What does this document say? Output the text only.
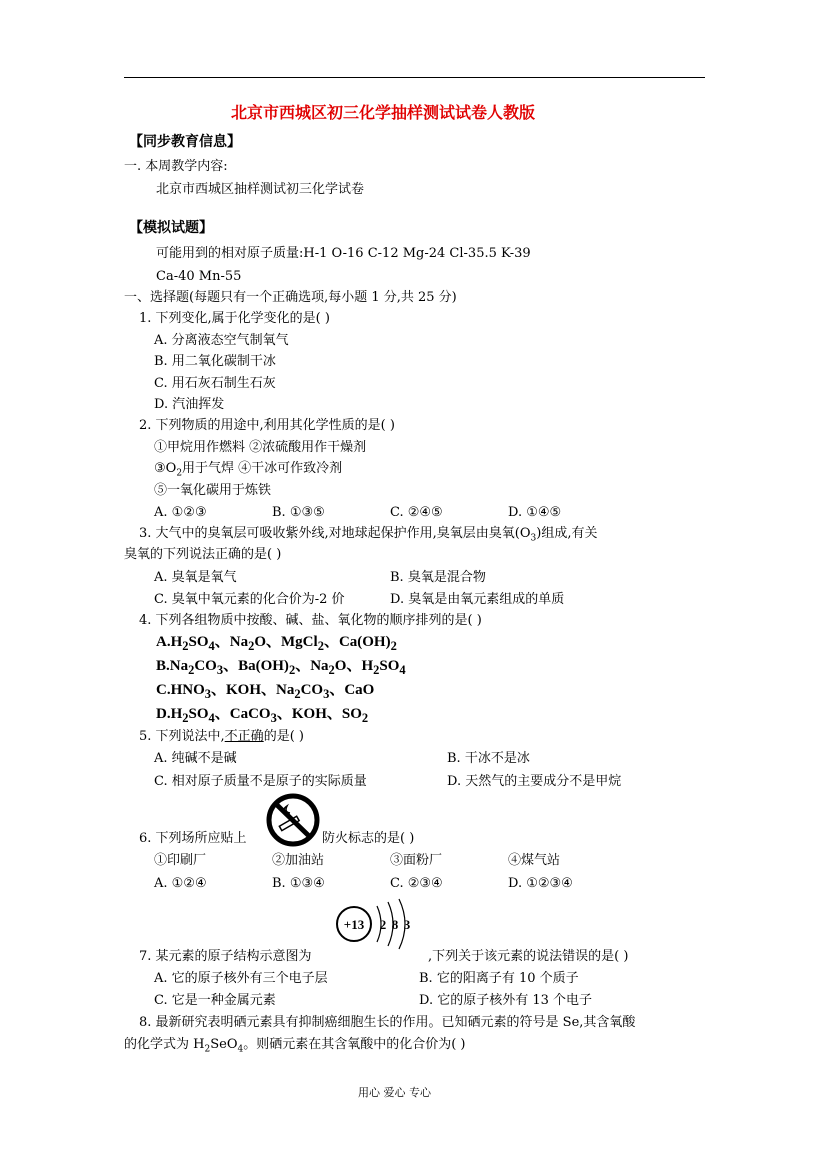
北京市西城区初三化学抽样测试试卷人教版
【同步教育信息】
一. 本周教学内容:
北京市西城区抽样测试初三化学试卷
【模拟试题】
可能用到的相对原子质量:H-1 O-16 C-12 Mg-24 Cl-35.5 K-39
Ca-40 Mn-55
一、选择题(每题只有一个正确选项,每小题 1 分,共 25 分)
1. 下列变化,属于化学变化的是( )
A. 分离液态空气制氧气
B. 用二氧化碳制干冰
C. 用石灰石制生石灰
D. 汽油挥发
2. 下列物质的用途中,利用其化学性质的是( )
①甲烷用作燃料 ②浓硫酸用作干燥剂
$③O_2$用于气焊 ④干冰可作致冷剂
⑤一氧化碳用于炼铁
A. ①②③	B. ①③⑤	C. ②④⑤	D. ①④⑤
3. 大气中的臭氧层可吸收紫外线,对地球起保护作用,臭氧层由臭氧$(O_3)$组成,有关
臭氧的下列说法正确的是( )
A. 臭氧是氧气	B. 臭氧是混合物
C. 臭氧中氧元素的化合价为-2 价	D. 臭氧是由氧元素组成的单质
4. 下列各组物质中按酸、碱、盐、氧化物的顺序排列的是( )
$A.H_2SO_4$、$Na_2O$、MgCl$_2$、$Ca(OH)_2$
$B.Na_2CO_3$、$Ba(OH)_2$、$Na_2O$、$H_2SO_4$
$C.HNO_3$、KOH、$Na_2CO_3$、CaO
$D.H_2SO_4$、CaCO$_3$、KOH、$SO_2$
5. 下列说法中,不正确的是( )
A. 纯碱不是碱	B. 干冰不是冰
C. 相对原子质量不是原子的实际质量	D. 天然气的主要成分不是甲烷
6. 下列场所应贴上	防火标志的是( )
①印刷厂	②加油站	③面粉厂	④煤气站
A. ①②④	B. ①③④	C. ②③④	D. ①②③④
+13 2 8 3
7. 某元素的原子结构示意图为	,下列关于该元素的说法错误的是( )
A. 它的原子核外有三个电子层	B. 它的阳离子有 10 个质子
C. 它是一种金属元素	D. 它的原子核外有 13 个电子
8. 最新研究表明硒元素具有抑制癌细胞生长的作用。已知硒元素的符号是 Se,其含氧酸
的化学式为 $H_2SeO_4$。则硒元素在其含氧酸中的化合价为( )
用心 爱心 专心
